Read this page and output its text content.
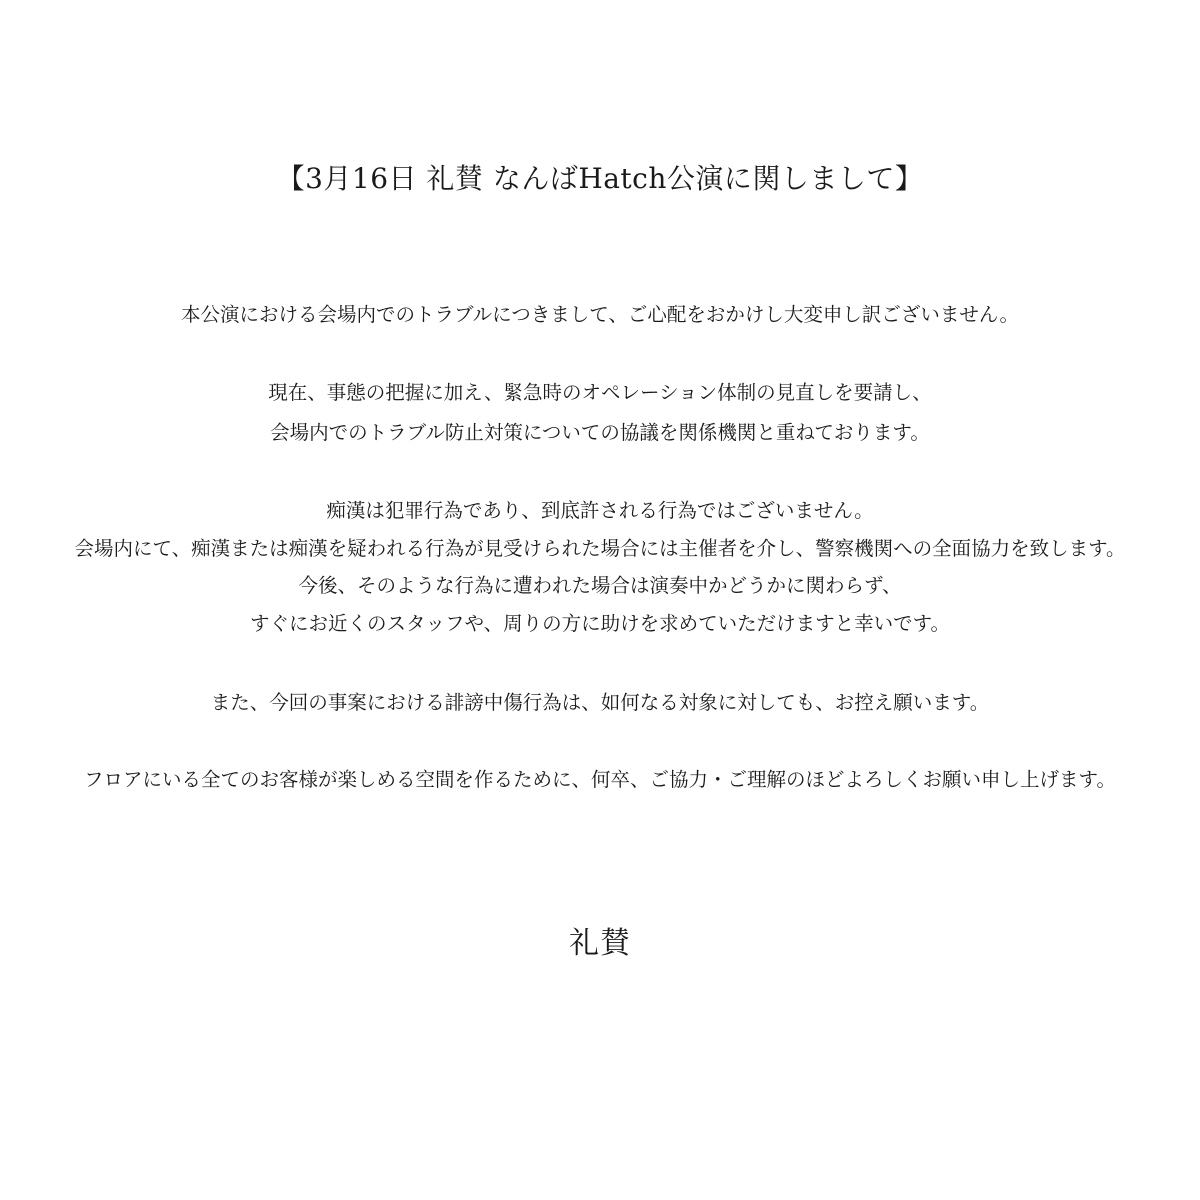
【3月16日 礼賛 なんばHatch公演に関しまして】
本公演における会場内でのトラブルにつきまして、ご心配をおかけし大変申し訳ございません。
現在、事態の把握に加え、緊急時のオペレーション体制の見直しを要請し、
会場内でのトラブル防止対策についての協議を関係機関と重ねております。
痴漢は犯罪行為であり、到底許される行為ではございません。
会場内にて、痴漢または痴漢を疑われる行為が見受けられた場合には主催者を介し、警察機関への全面協力を致します。
今後、そのような行為に遭われた場合は演奏中かどうかに関わらず、
すぐにお近くのスタッフや、周りの方に助けを求めていただけますと幸いです。
また、今回の事案における誹謗中傷行為は、如何なる対象に対しても、お控え願います。
フロアにいる全てのお客様が楽しめる空間を作るために、何卒、ご協力・ご理解のほどよろしくお願い申し上げます。
礼賛
